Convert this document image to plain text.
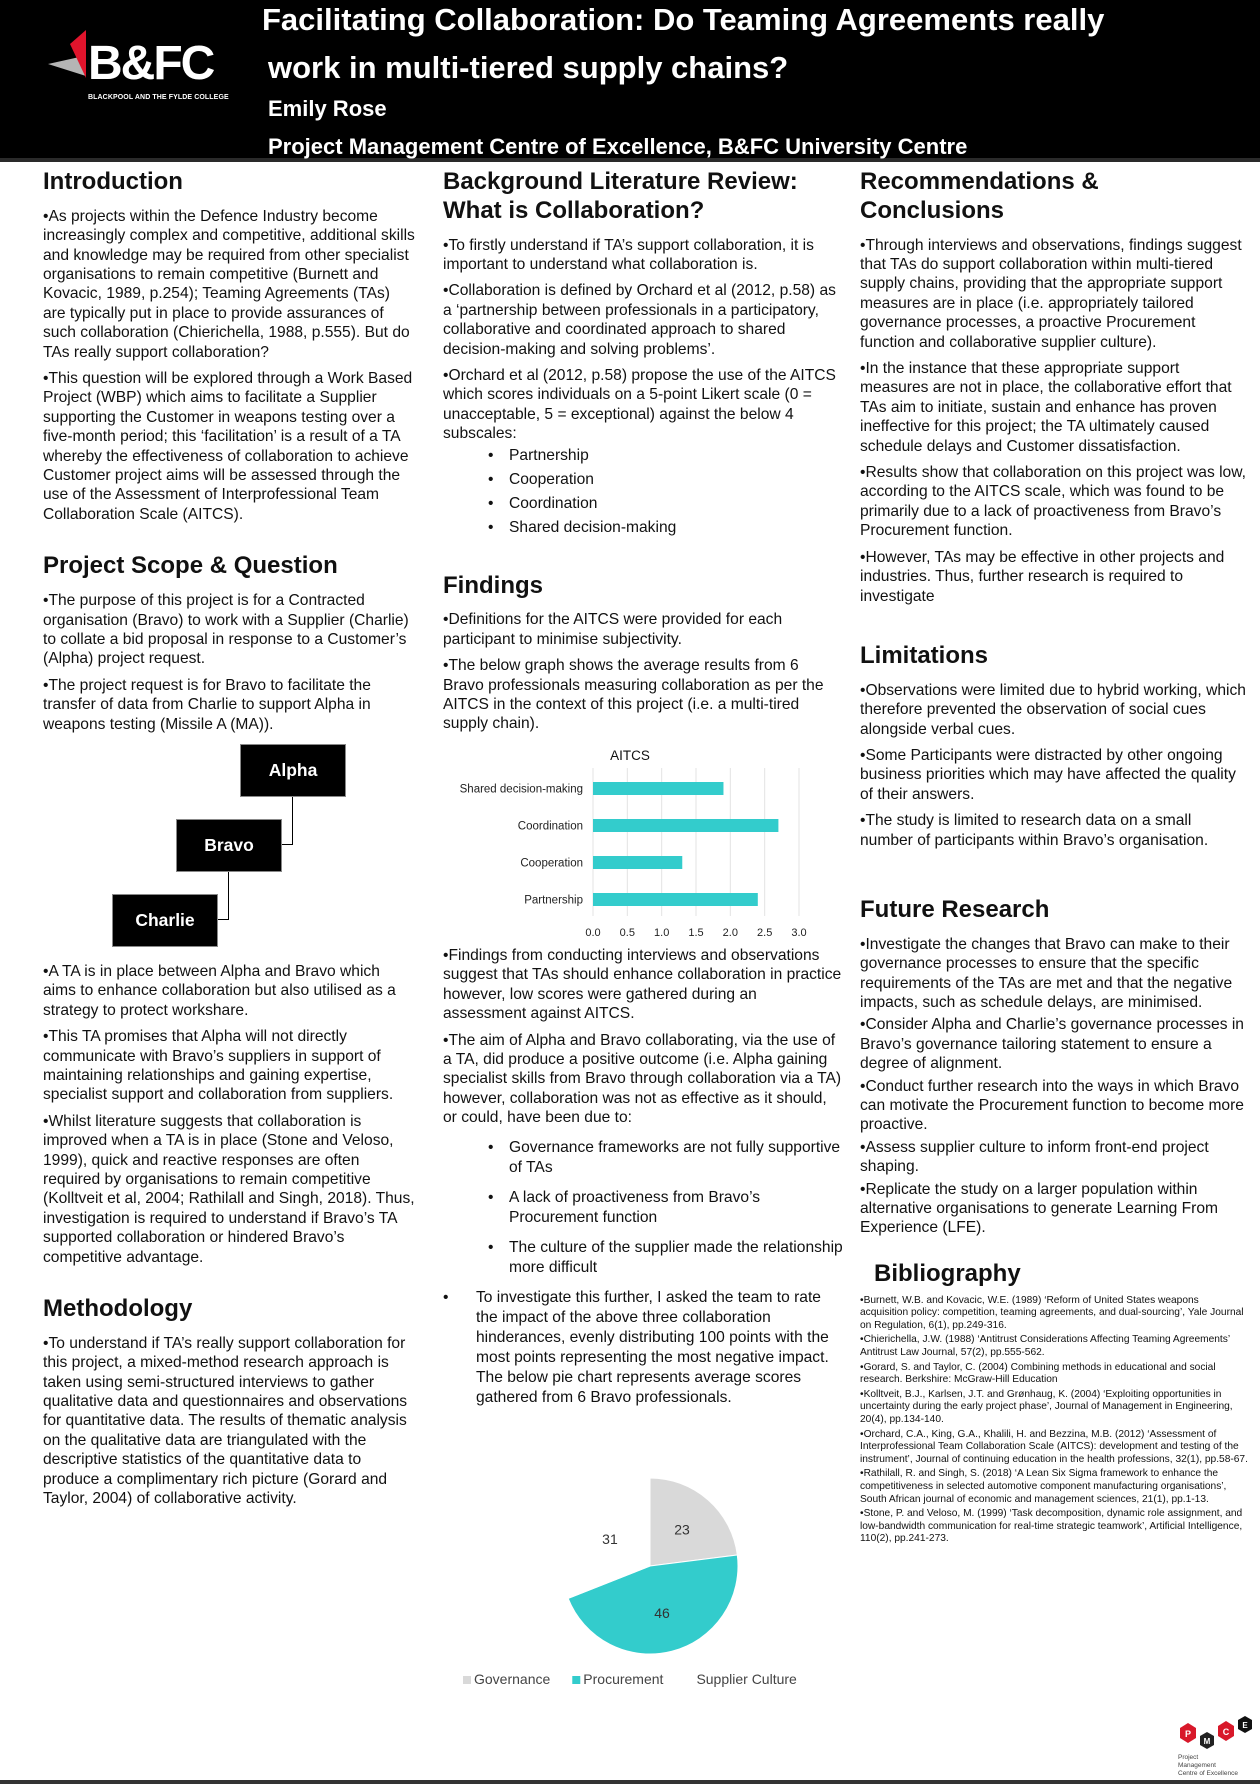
B&FC
BLACKPOOL AND THE FYLDE COLLEGE
Facilitating Collaboration: Do Teaming Agreements really
work in multi-tiered supply chains?
Emily Rose
Project Management Centre of Excellence, B&FC University Centre
Introduction

•As projects within the Defence Industry become increasingly complex and competitive, additional skills and knowledge may be required from other specialist organisations to remain competitive (Burnett and Kovacic, 1989, p.254); Teaming Agreements (TAs) are typically put in place to provide assurances of such collaboration (Chierichella, 1988, p.555). But do TAs really support collaboration?

•This question will be explored through a Work Based Project (WBP) which aims to facilitate a Supplier supporting the Customer in weapons testing over a five-month period; this ‘facilitation’ is a result of a TA whereby the effectiveness of collaboration to achieve Customer project aims will be assessed through the use of the Assessment of Interprofessional Team Collaboration Scale (AITCS).

Project Scope & Question

•The purpose of this project is for a Contracted organisation (Bravo) to work with a Supplier (Charlie) to collate a bid proposal in response to a Customer’s (Alpha) project request.

•The project request is for Bravo to facilitate the transfer of data from Charlie to support Alpha in weapons testing (Missile A (MA)).

Alpha
Bravo
Charlie

•A TA is in place between Alpha and Bravo which aims to enhance collaboration but also utilised as a strategy to protect workshare.

•This TA promises that Alpha will not directly communicate with Bravo’s suppliers in support of maintaining relationships and gaining expertise, specialist support and collaboration from suppliers.

•Whilst literature suggests that collaboration is improved when a TA is in place (Stone and Veloso, 1999), quick and reactive responses are often required by organisations to remain competitive (Kolltveit et al, 2004; Rathilall and Singh, 2018). Thus, investigation is required to understand if Bravo’s TA supported collaboration or hindered Bravo’s competitive advantage.

Methodology

•To understand if TA’s really support collaboration for this project, a mixed-method research approach is taken using semi-structured interviews to gather qualitative data and questionnaires and observations for quantitative data. The results of thematic analysis on the qualitative data are triangulated with the descriptive statistics of the quantitative data to produce a complimentary rich picture (Gorard and Taylor, 2004) of collaborative activity.

Background Literature Review:
What is Collaboration?

•To firstly understand if TA’s support collaboration, it is important to understand what collaboration is.

•Collaboration is defined by Orchard et al (2012, p.58) as a ‘partnership between professionals in a participatory, collaborative and coordinated approach to shared decision-making and solving problems’.

•Orchard et al (2012, p.58) propose the use of the AITCS which scores individuals on a 5-point Likert scale (0 = unacceptable, 5 = exceptional) against the below 4 subscales:

• Partnership
• Cooperation
• Coordination
• Shared decision-making
Findings

•Definitions for the AITCS were provided for each participant to minimise subjectivity.

•The below graph shows the average results from 6 Bravo professionals measuring collaboration as per the AITCS in the context of this project (i.e. a multi-tired supply chain).

AITCS
0.0 0.5 1.0 1.5 2.0 2.5 3.0
Shared decision-making
Coordination
Cooperation
Partnership

•Findings from conducting interviews and observations suggest that TAs should enhance collaboration in practice however, low scores were gathered during an assessment against AITCS.

•The aim of Alpha and Bravo collaborating, via the use of a TA, did produce a positive outcome (i.e. Alpha gaining specialist skills from Bravo through collaboration via a TA) however, collaboration was not as effective as it should, or could, have been due to:

• Governance frameworks are not fully supportive of TAs
• A lack of proactiveness from Bravo’s Procurement function
• The culture of the supplier made the relationship more difficult
• To investigate this further, I asked the team to rate the impact of the above three collaboration hinderances, evenly distributing 100 points with the most points representing the most negative impact. The below pie chart represents average scores gathered from 6 Bravo professionals.
23
46
31
Governance Procurement Supplier Culture
Recommendations &
Conclusions

•Through interviews and observations, findings suggest that TAs do support collaboration within multi-tiered supply chains, providing that the appropriate support measures are in place (i.e. appropriately tailored governance processes, a proactive Procurement function and collaborative supplier culture).

•In the instance that these appropriate support measures are not in place, the collaborative effort that TAs aim to initiate, sustain and enhance has proven ineffective for this project; the TA ultimately caused schedule delays and Customer dissatisfaction.

•Results show that collaboration on this project was low, according to the AITCS scale, which was found to be primarily due to a lack of proactiveness from Bravo’s Procurement function.

•However, TAs may be effective in other projects and industries. Thus, further research is required to investigate

Limitations

•Observations were limited due to hybrid working, which therefore prevented the observation of social cues alongside verbal cues.

•Some Participants were distracted by other ongoing business priorities which may have affected the quality of their answers.

•The study is limited to research data on a small number of participants within Bravo’s organisation.

Future Research

•Investigate the changes that Bravo can make to their governance processes to ensure that the specific requirements of the TAs are met and that the negative impacts, such as schedule delays, are minimised.

•Consider Alpha and Charlie’s governance processes in Bravo’s governance tailoring statement to ensure a degree of alignment.

•Conduct further research into the ways in which Bravo can motivate the Procurement function to become more proactive.

•Assess supplier culture to inform front-end project shaping.

•Replicate the study on a larger population within alternative organisations to generate Learning From Experience (LFE).

Bibliography

•Burnett, W.B. and Kovacic, W.E. (1989) ‘Reform of United States weapons acquisition policy: competition, teaming agreements, and dual-sourcing’, Yale Journal on Regulation, 6(1), pp.249-316.

•Chierichella, J.W. (1988) ‘Antitrust Considerations Affecting Teaming Agreements’ Antitrust Law Journal, 57(2), pp.555-562.

•Gorard, S. and Taylor, C. (2004) Combining methods in educational and social research. Berkshire: McGraw-Hill Education

•Kolltveit, B.J., Karlsen, J.T. and Grønhaug, K. (2004) ‘Exploiting opportunities in uncertainty during the early project phase’, Journal of Management in Engineering, 20(4), pp.134-140.

•Orchard, C.A., King, G.A., Khalili, H. and Bezzina, M.B. (2012) ‘Assessment of Interprofessional Team Collaboration Scale (AITCS): development and testing of the instrument’, Journal of continuing education in the health professions, 32(1), pp.58-67.

•Rathilall, R. and Singh, S. (2018) ‘A Lean Six Sigma framework to enhance the competitiveness in selected automotive component manufacturing organisations’, South African journal of economic and management sciences, 21(1), pp.1-13.

•Stone, P. and Veloso, M. (1999) ‘Task decomposition, dynamic role assignment, and low-bandwidth communication for real-time strategic teamwork’, Artificial Intelligence, 110(2), pp.241-273.

P
M
C
E
Project
Management
Centre of Excellence
